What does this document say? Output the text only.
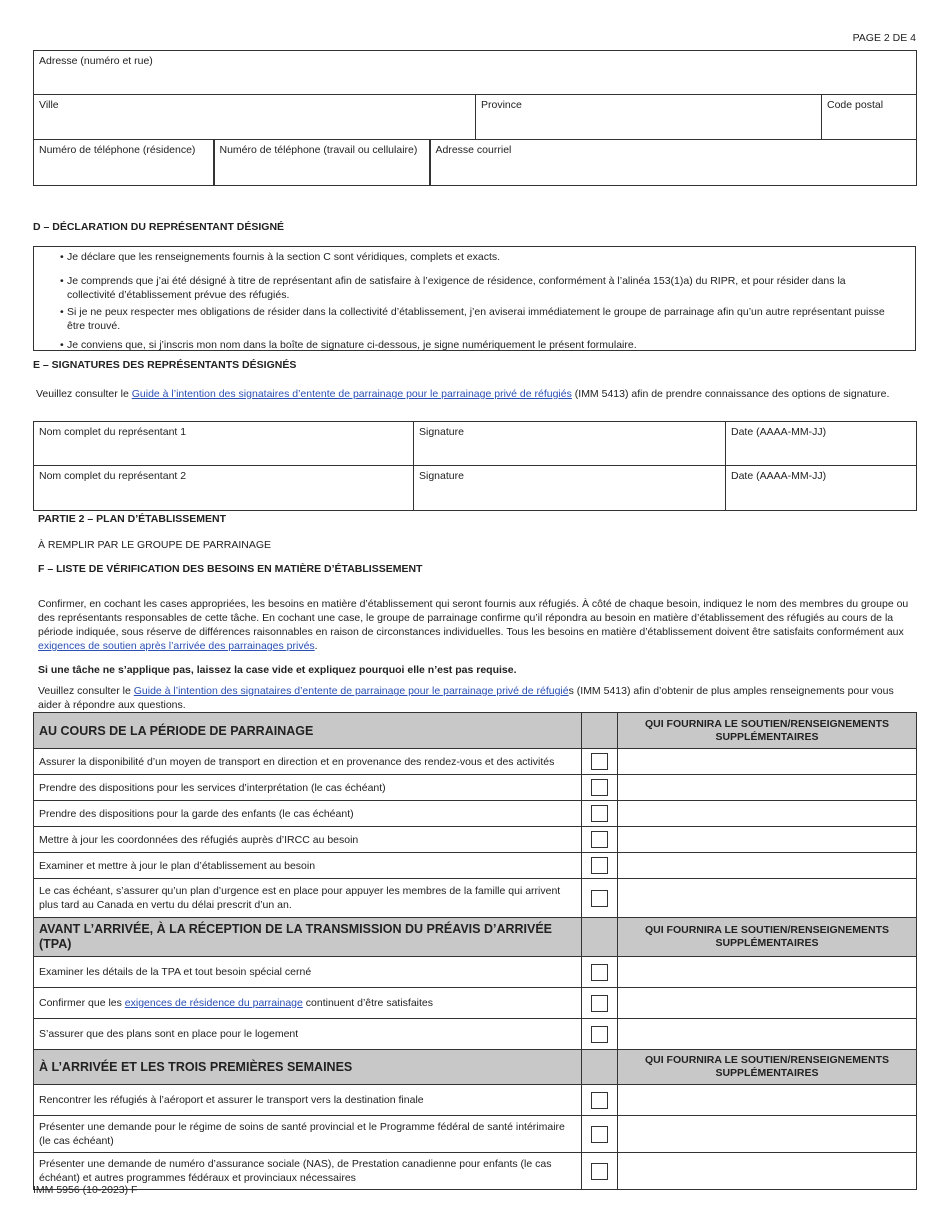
PAGE 2 DE 4
Adresse (numéro et rue)				
Ville			Province	Code postal
Numéro de téléphone (résidence)	Numéro de téléphone (travail ou cellulaire)	Adresse courriel		
D – DÉCLARATION DU REPRÉSENTANT DÉSIGNÉ
• Je déclare que les renseignements fournis à la section C sont véridiques, complets et exacts.
• Je comprends que j’ai été désigné à titre de représentant afin de satisfaire à l’exigence de résidence, conformément à l’alinéa 153(1)a) du RIPR, et pour résider dans la collectivité d’établissement prévue des réfugiés.
• Si je ne peux respecter mes obligations de résider dans la collectivité d’établissement, j’en aviserai immédiatement le groupe de parrainage afin qu’un autre représentant puisse être trouvé.
• Je conviens que, si j’inscris mon nom dans la boîte de signature ci-dessous, je signe numériquement le présent formulaire.
E – SIGNATURES DES REPRÉSENTANTS DÉSIGNÉS
Veuillez consulter le Guide à l’intention des signataires d’entente de parrainage pour le parrainage privé de réfugiés (IMM 5413) afin de prendre connaissance des options de signature.
Nom complet du représentant 1	Signature	Date (AAAA-MM-JJ)
Nom complet du représentant 2	Signature	Date (AAAA-MM-JJ)
PARTIE 2 – PLAN D’ÉTABLISSEMENT
À REMPLIR PAR LE GROUPE DE PARRAINAGE
F – LISTE DE VÉRIFICATION DES BESOINS EN MATIÈRE D’ÉTABLISSEMENT
Confirmer, en cochant les cases appropriées, les besoins en matière d’établissement qui seront fournis aux réfugiés. À côté de chaque besoin, indiquez le nom des membres du groupe ou des représentants responsables de cette tâche. En cochant une case, le groupe de parrainage confirme qu’il répondra au besoin en matière d’établissement des réfugiés au cours de la période indiquée, sous réserve de différences raisonnables en raison de circonstances individuelles. Tous les besoins en matière d’établissement doivent être satisfaits conformément aux exigences de soutien après l’arrivée des parrainages privés.
Si une tâche ne s’applique pas, laissez la case vide et expliquez pourquoi elle n’est pas requise.
Veuillez consulter le Guide à l’intention des signataires d’entente de parrainage pour le parrainage privé de réfugiés (IMM 5413) afin d’obtenir de plus amples renseignements pour vous aider à répondre aux questions.
AU COURS DE LA PÉRIODE DE PARRAINAGE		QUI FOURNIRA LE SOUTIEN/RENSEIGNEMENTS SUPPLÉMENTAIRES
Assurer la disponibilité d’un moyen de transport en direction et en provenance des rendez-vous et des activités	

Prendre des dispositions pour les services d’interprétation (le cas échéant)	

Prendre des dispositions pour la garde des enfants (le cas échéant)	

Mettre à jour les coordonnées des réfugiés auprès d’IRCC au besoin	

Examiner et mettre à jour le plan d’établissement au besoin	

Le cas échéant, s’assurer qu’un plan d’urgence est en place pour appuyer les membres de la famille qui arrivent plus tard au Canada en vertu du délai prescrit d’un an.	

AVANT L’ARRIVÉE, À LA RÉCEPTION DE LA TRANSMISSION DU PRÉAVIS D’ARRIVÉE (TPA)		QUI FOURNIRA LE SOUTIEN/RENSEIGNEMENTS SUPPLÉMENTAIRES
Examiner les détails de la TPA et tout besoin spécial cerné	

Confirmer que les exigences de résidence du parrainage continuent d’être satisfaites	

S’assurer que des plans sont en place pour le logement	

À L’ARRIVÉE ET LES TROIS PREMIÈRES SEMAINES		QUI FOURNIRA LE SOUTIEN/RENSEIGNEMENTS SUPPLÉMENTAIRES
Rencontrer les réfugiés à l’aéroport et assurer le transport vers la destination finale	

Présenter une demande pour le régime de soins de santé provincial et le Programme fédéral de santé intérimaire (le cas échéant)	

Présenter une demande de numéro d’assurance sociale (NAS), de Prestation canadienne pour enfants (le cas échéant) et autres programmes fédéraux et provinciaux nécessaires	

IMM 5956 (10-2023) F
